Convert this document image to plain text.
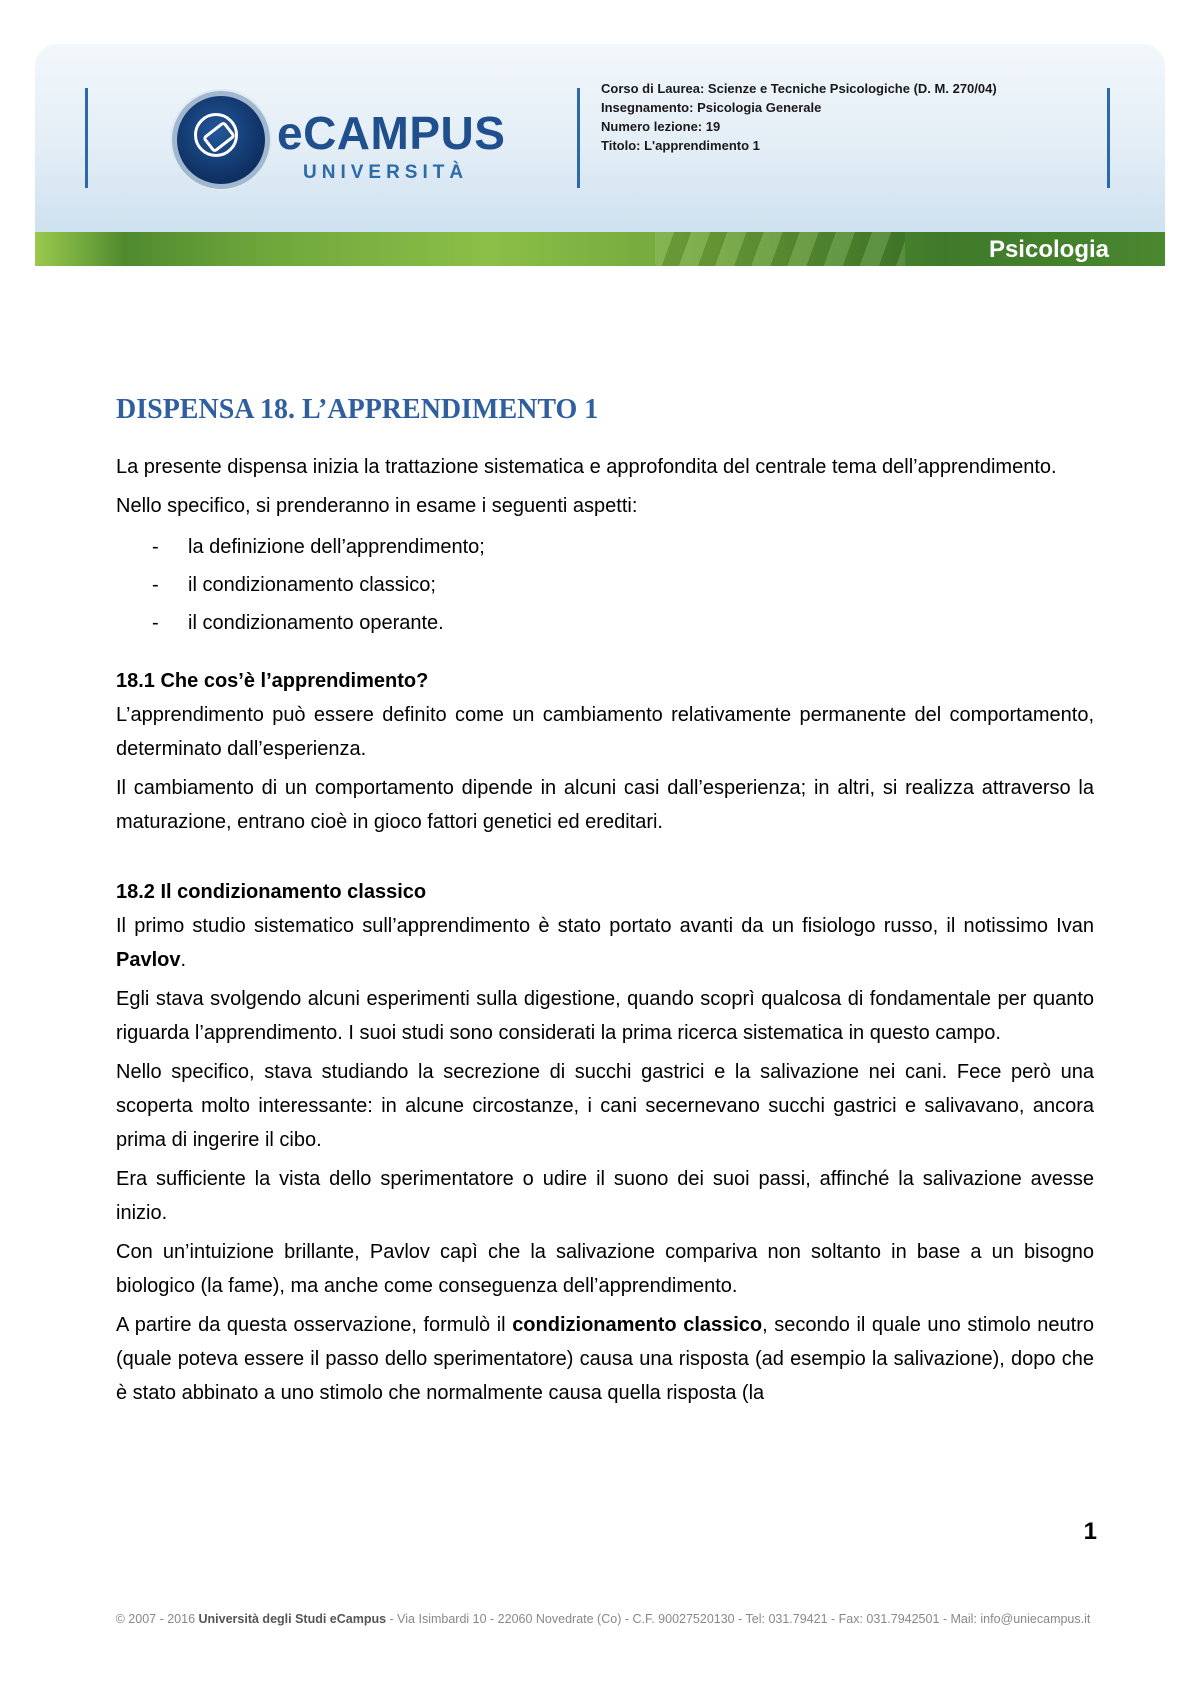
eCAMPUS
UNIVERSITÀ
Corso di Laurea: Scienze e Tecniche Psicologiche (D. M. 270/04)
Insegnamento: Psicologia Generale
Numero lezione: 19
Titolo: L'apprendimento 1
Psicologia
DISPENSA 18. L’APPRENDIMENTO 1

La presente dispensa inizia la trattazione sistematica e approfondita del centrale tema dell’apprendimento.

Nello specifico, si prenderanno in esame i seguenti aspetti:

- la definizione dell’apprendimento;
- il condizionamento classico;
- il condizionamento operante.
18.1 Che cos’è l’apprendimento?

L’apprendimento può essere definito come un cambiamento relativamente permanente del comportamento, determinato dall’esperienza.

Il cambiamento di un comportamento dipende in alcuni casi dall’esperienza; in altri, si realizza attraverso la maturazione, entrano cioè in gioco fattori genetici ed ereditari.

18.2 Il condizionamento classico

Il primo studio sistematico sull’apprendimento è stato portato avanti da un fisiologo russo, il notissimo Ivan Pavlov.

Egli stava svolgendo alcuni esperimenti sulla digestione, quando scoprì qualcosa di fondamentale per quanto riguarda l’apprendimento. I suoi studi sono considerati la prima ricerca sistematica in questo campo.

Nello specifico, stava studiando la secrezione di succhi gastrici e la salivazione nei cani. Fece però una scoperta molto interessante: in alcune circostanze, i cani secernevano succhi gastrici e salivavano, ancora prima di ingerire il cibo.

Era sufficiente la vista dello sperimentatore o udire il suono dei suoi passi, affinché la salivazione avesse inizio.

Con un’intuizione brillante, Pavlov capì che la salivazione compariva non soltanto in base a un bisogno biologico (la fame), ma anche come conseguenza dell’apprendimento.

A partire da questa osservazione, formulò il condizionamento classico, secondo il quale uno stimolo neutro (quale poteva essere il passo dello sperimentatore) causa una risposta (ad esempio la salivazione), dopo che è stato abbinato a uno stimolo che normalmente causa quella risposta (la

1
© 2007 - 2016 Università degli Studi eCampus - Via Isimbardi 10 - 22060 Novedrate (Co) - C.F. 90027520130 - Tel: 031.79421 - Fax: 031.7942501 - Mail: info@uniecampus.it
